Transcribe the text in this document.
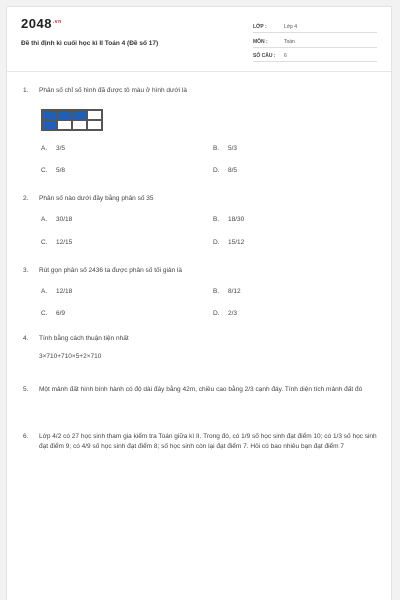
$2048^{.vn}$
Đề thi định kì cuối học kì II Toán 4 (Đề số 17)
LỚP :	Lớp 4
MÔN :	Toán
SỐ CÂU : 6
1. Phân số chỉ số hình đã được tô màu ở hình dưới là
A. 3/5	B. 5/3
C. 5/8	D. 8/5
2. Phân số nào dưới đây bằng phân số 35
A. 30/18	B. 18/30
C. 12/15	D. 15/12
3. Rút gọn phân số 2436 ta được phân số tối giản là
A. 12/18	B. 8/12
C. 6/9	D. 2/3
4. Tính bằng cách thuận tiện nhất
3×710+710×5+2×710
5. Một mảnh đất hình bình hành có độ dài đáy bằng 42m, chiều cao bằng 2/3 cạnh đáy. Tính diện tích mảnh đất đó
6. Lớp 4/2 có 27 học sinh tham gia kiểm tra Toán giữa kì II. Trong đó, có 1/9 số học sinh đạt điểm 10; có 1/3 số học sinh đạt điểm 9; có 4/9 số học sinh đạt điểm 8; số học sinh còn lại đạt điểm 7. Hỏi có bao nhiêu bạn đạt điểm 7
